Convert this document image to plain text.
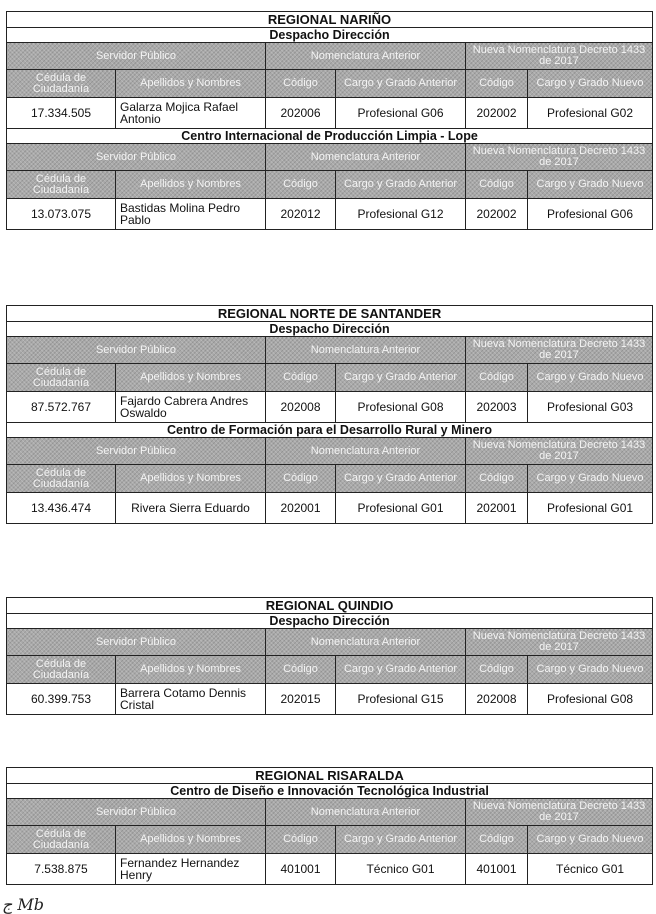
REGIONAL NARIÑO					
Despacho Dirección					
Servidor Público		Nomenclatura Anterior		Nueva Nomenclatura Decreto 1433 de 2017	
Cédula de Ciudadanía	Apellidos y Nombres	Código	Cargo y Grado Anterior	Código	Cargo y Grado Nuevo
17.334.505	Galarza Mojica Rafael Antonio	202006	Profesional G06	202002	Profesional G02
Centro Internacional de Producción Limpia - Lope					
Servidor Público		Nomenclatura Anterior		Nueva Nomenclatura Decreto 1433 de 2017	
Cédula de Ciudadanía	Apellidos y Nombres	Código	Cargo y Grado Anterior	Código	Cargo y Grado Nuevo
13.073.075	Bastidas Molina Pedro Pablo	202012	Profesional G12	202002	Profesional G06
REGIONAL NORTE DE SANTANDER					
Despacho Dirección					
Servidor Público		Nomenclatura Anterior		Nueva Nomenclatura Decreto 1433 de 2017	
Cédula de Ciudadanía	Apellidos y Nombres	Código	Cargo y Grado Anterior	Código	Cargo y Grado Nuevo
87.572.767	Fajardo Cabrera Andres Oswaldo	202008	Profesional G08	202003	Profesional G03
Centro de Formación para el Desarrollo Rural y Minero					
Servidor Público		Nomenclatura Anterior		Nueva Nomenclatura Decreto 1433 de 2017	
Cédula de Ciudadanía	Apellidos y Nombres	Código	Cargo y Grado Anterior	Código	Cargo y Grado Nuevo
13.436.474	Rivera Sierra Eduardo	202001	Profesional G01	202001	Profesional G01
REGIONAL QUINDIO					
Despacho Dirección					
Servidor Público		Nomenclatura Anterior		Nueva Nomenclatura Decreto 1433 de 2017	
Cédula de Ciudadanía	Apellidos y Nombres	Código	Cargo y Grado Anterior	Código	Cargo y Grado Nuevo
60.399.753	Barrera Cotamo Dennis Cristal	202015	Profesional G15	202008	Profesional G08
REGIONAL RISARALDA					
Centro de Diseño e Innovación Tecnológica Industrial					
Servidor Público		Nomenclatura Anterior		Nueva Nomenclatura Decreto 1433 de 2017	
Cédula de Ciudadanía	Apellidos y Nombres	Código	Cargo y Grado Anterior	Código	Cargo y Grado Nuevo
7.538.875	Fernandez Hernandez Henry	401001	Técnico G01	401001	Técnico G01
ج Mb
